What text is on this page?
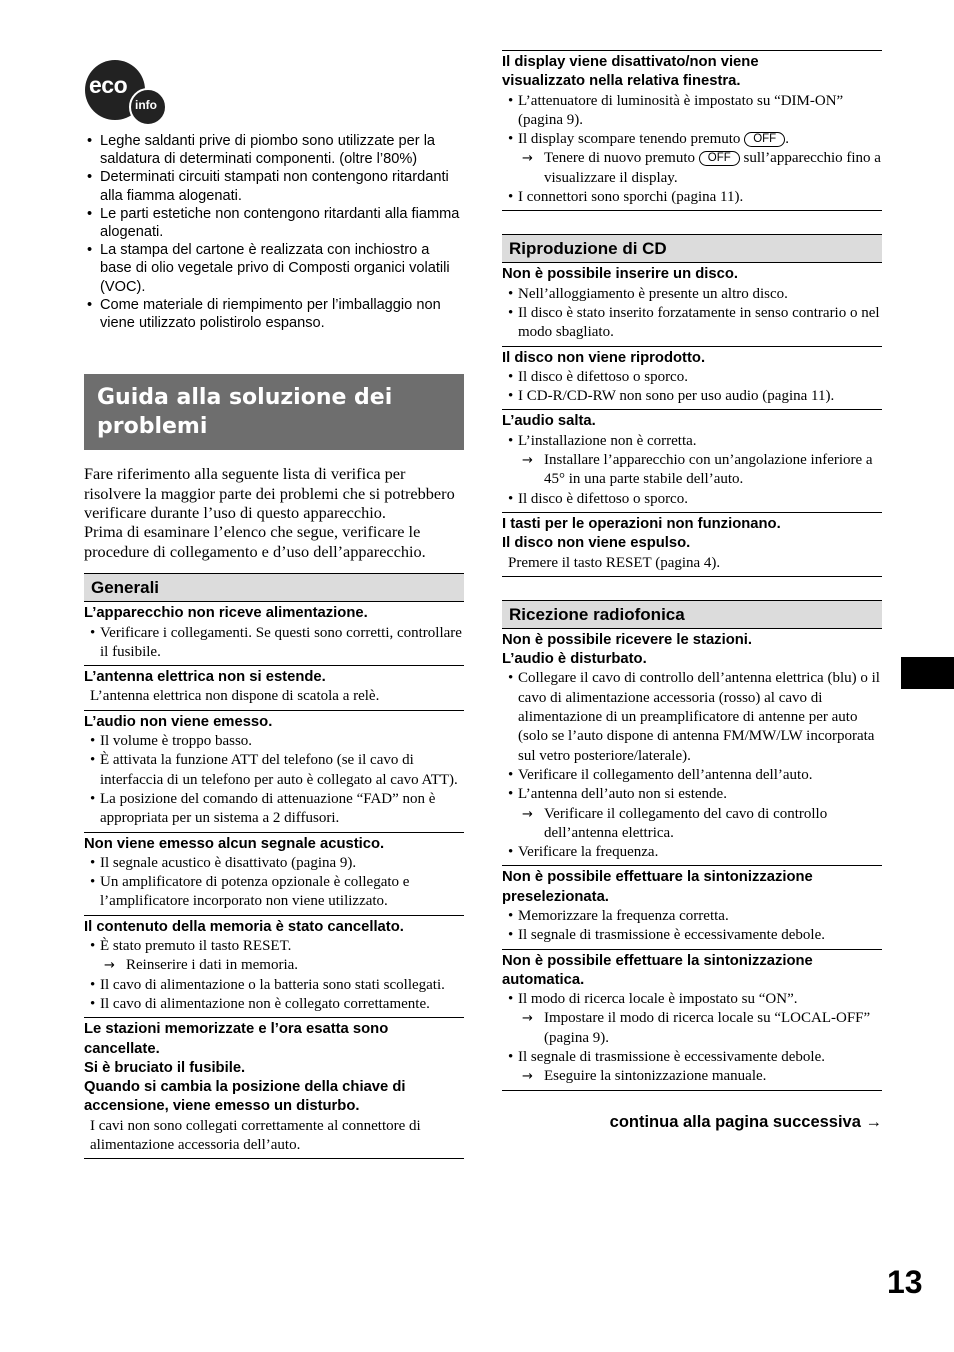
eco
info
• Leghe saldanti prive di piombo sono utilizzate per la saldatura di determinati componenti. (oltre l’80%)
• Determinati circuiti stampati non contengono ritardanti alla fiamma alogenati.
• Le parti estetiche non contengono ritardanti alla fiamma alogenati.
• La stampa del cartone è realizzata con inchiostro a base di olio vegetale privo di Composti organici volatili (VOC).
• Come materiale di riempimento per l’imballaggio non viene utilizzato polistirolo espanso.
Guida alla soluzione dei problemi

Fare riferimento alla seguente lista di verifica per risolvere la maggior parte dei problemi che si potrebbero verificare durante l’uso di questo apparecchio.

Prima di esaminare l’elenco che segue, verificare le procedure di collegamento e d’uso dell’apparecchio.

Generali
L’apparecchio non riceve alimentazione.
• Verificare i collegamenti. Se questi sono corretti, controllare il fusibile.
L’antenna elettrica non si estende.
L’antenna elettrica non dispone di scatola a relè.
L’audio non viene emesso.
• Il volume è troppo basso.
• È attivata la funzione ATT del telefono (se il cavo di interfaccia di un telefono per auto è collegato al cavo ATT).
• La posizione del comando di attenuazione “FAD” non è appropriata per un sistema a 2 diffusori.
Non viene emesso alcun segnale acustico.
• Il segnale acustico è disattivato (pagina 9).
• Un amplificatore di potenza opzionale è collegato e l’amplificatore incorporato non viene utilizzato.
Il contenuto della memoria è stato cancellato.
• È stato premuto il tasto RESET.
→ Reinserire i dati in memoria.
• Il cavo di alimentazione o la batteria sono stati scollegati.
• Il cavo di alimentazione non è collegato correttamente.
Le stazioni memorizzate e l’ora esatta sono cancellate.
Si è bruciato il fusibile.
Quando si cambia la posizione della chiave di accensione, viene emesso un disturbo.
I cavi non sono collegati correttamente al connettore di alimentazione accessoria dell’auto.
Il display viene disattivato/non viene
visualizzato nella relativa finestra.
• L’attenuatore di luminosità è impostato su “DIM-ON” (pagina 9).
• Il display scompare tenendo premuto OFF .
→ Tenere di nuovo premuto OFF sull’apparecchio fino a visualizzare il display.
• I connettori sono sporchi (pagina 11).
Riproduzione di CD
Non è possibile inserire un disco.
• Nell’alloggiamento è presente un altro disco.
• Il disco è stato inserito forzatamente in senso contrario o nel modo sbagliato.
Il disco non viene riprodotto.
• Il disco è difettoso o sporco.
• I CD-R/CD-RW non sono per uso audio (pagina 11).
L’audio salta.
• L’installazione non è corretta.
→ Installare l’apparecchio con un’angolazione inferiore a 45° in una parte stabile dell’auto.
• Il disco è difettoso o sporco.
I tasti per le operazioni non funzionano.
Il disco non viene espulso.
Premere il tasto RESET (pagina 4).
Ricezione radiofonica
Non è possibile ricevere le stazioni.
L’audio è disturbato.
• Collegare il cavo di controllo dell’antenna elettrica (blu) o il cavo di alimentazione accessoria (rosso) al cavo di alimentazione di un preamplificatore di antenne per auto (solo se l’auto dispone di antenna FM/MW/LW incorporata sul vetro posteriore/laterale).
• Verificare il collegamento dell’antenna dell’auto.
• L’antenna dell’auto non si estende.
→ Verificare il collegamento del cavo di controllo dell’antenna elettrica.
• Verificare la frequenza.
Non è possibile effettuare la sintonizzazione preselezionata.
• Memorizzare la frequenza corretta.
• Il segnale di trasmissione è eccessivamente debole.
Non è possibile effettuare la sintonizzazione automatica.
• Il modo di ricerca locale è impostato su “ON”.
→ Impostare il modo di ricerca locale su “LOCAL-OFF” (pagina 9).
• Il segnale di trasmissione è eccessivamente debole.
→ Eseguire la sintonizzazione manuale.
continua alla pagina successiva →
13
